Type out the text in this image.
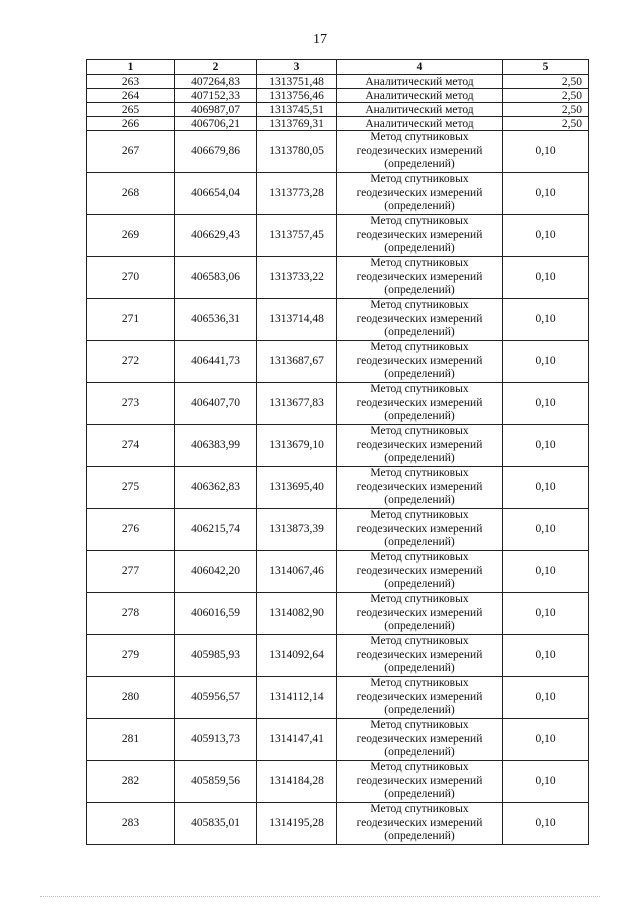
17
1	2	3	4	5
263	407264,83	1313751,48	Аналитический метод	2,50
264	407152,33	1313756,46	Аналитический метод	2,50
265	406987,07	1313745,51	Аналитический метод	2,50
266	406706,21	1313769,31	Аналитический метод	2,50
267	406679,86	1313780,05	Метод спутниковых геодезических измерений (определений)	0,10
268	406654,04	1313773,28	Метод спутниковых геодезических измерений (определений)	0,10
269	406629,43	1313757,45	Метод спутниковых геодезических измерений (определений)	0,10
270	406583,06	1313733,22	Метод спутниковых геодезических измерений (определений)	0,10
271	406536,31	1313714,48	Метод спутниковых геодезических измерений (определений)	0,10
272	406441,73	1313687,67	Метод спутниковых геодезических измерений (определений)	0,10
273	406407,70	1313677,83	Метод спутниковых геодезических измерений (определений)	0,10
274	406383,99	1313679,10	Метод спутниковых геодезических измерений (определений)	0,10
275	406362,83	1313695,40	Метод спутниковых геодезических измерений (определений)	0,10
276	406215,74	1313873,39	Метод спутниковых геодезических измерений (определений)	0,10
277	406042,20	1314067,46	Метод спутниковых геодезических измерений (определений)	0,10
278	406016,59	1314082,90	Метод спутниковых геодезических измерений (определений)	0,10
279	405985,93	1314092,64	Метод спутниковых геодезических измерений (определений)	0,10
280	405956,57	1314112,14	Метод спутниковых геодезических измерений (определений)	0,10
281	405913,73	1314147,41	Метод спутниковых геодезических измерений (определений)	0,10
282	405859,56	1314184,28	Метод спутниковых геодезических измерений (определений)	0,10
283	405835,01	1314195,28	Метод спутниковых геодезических измерений (определений)	0,10
